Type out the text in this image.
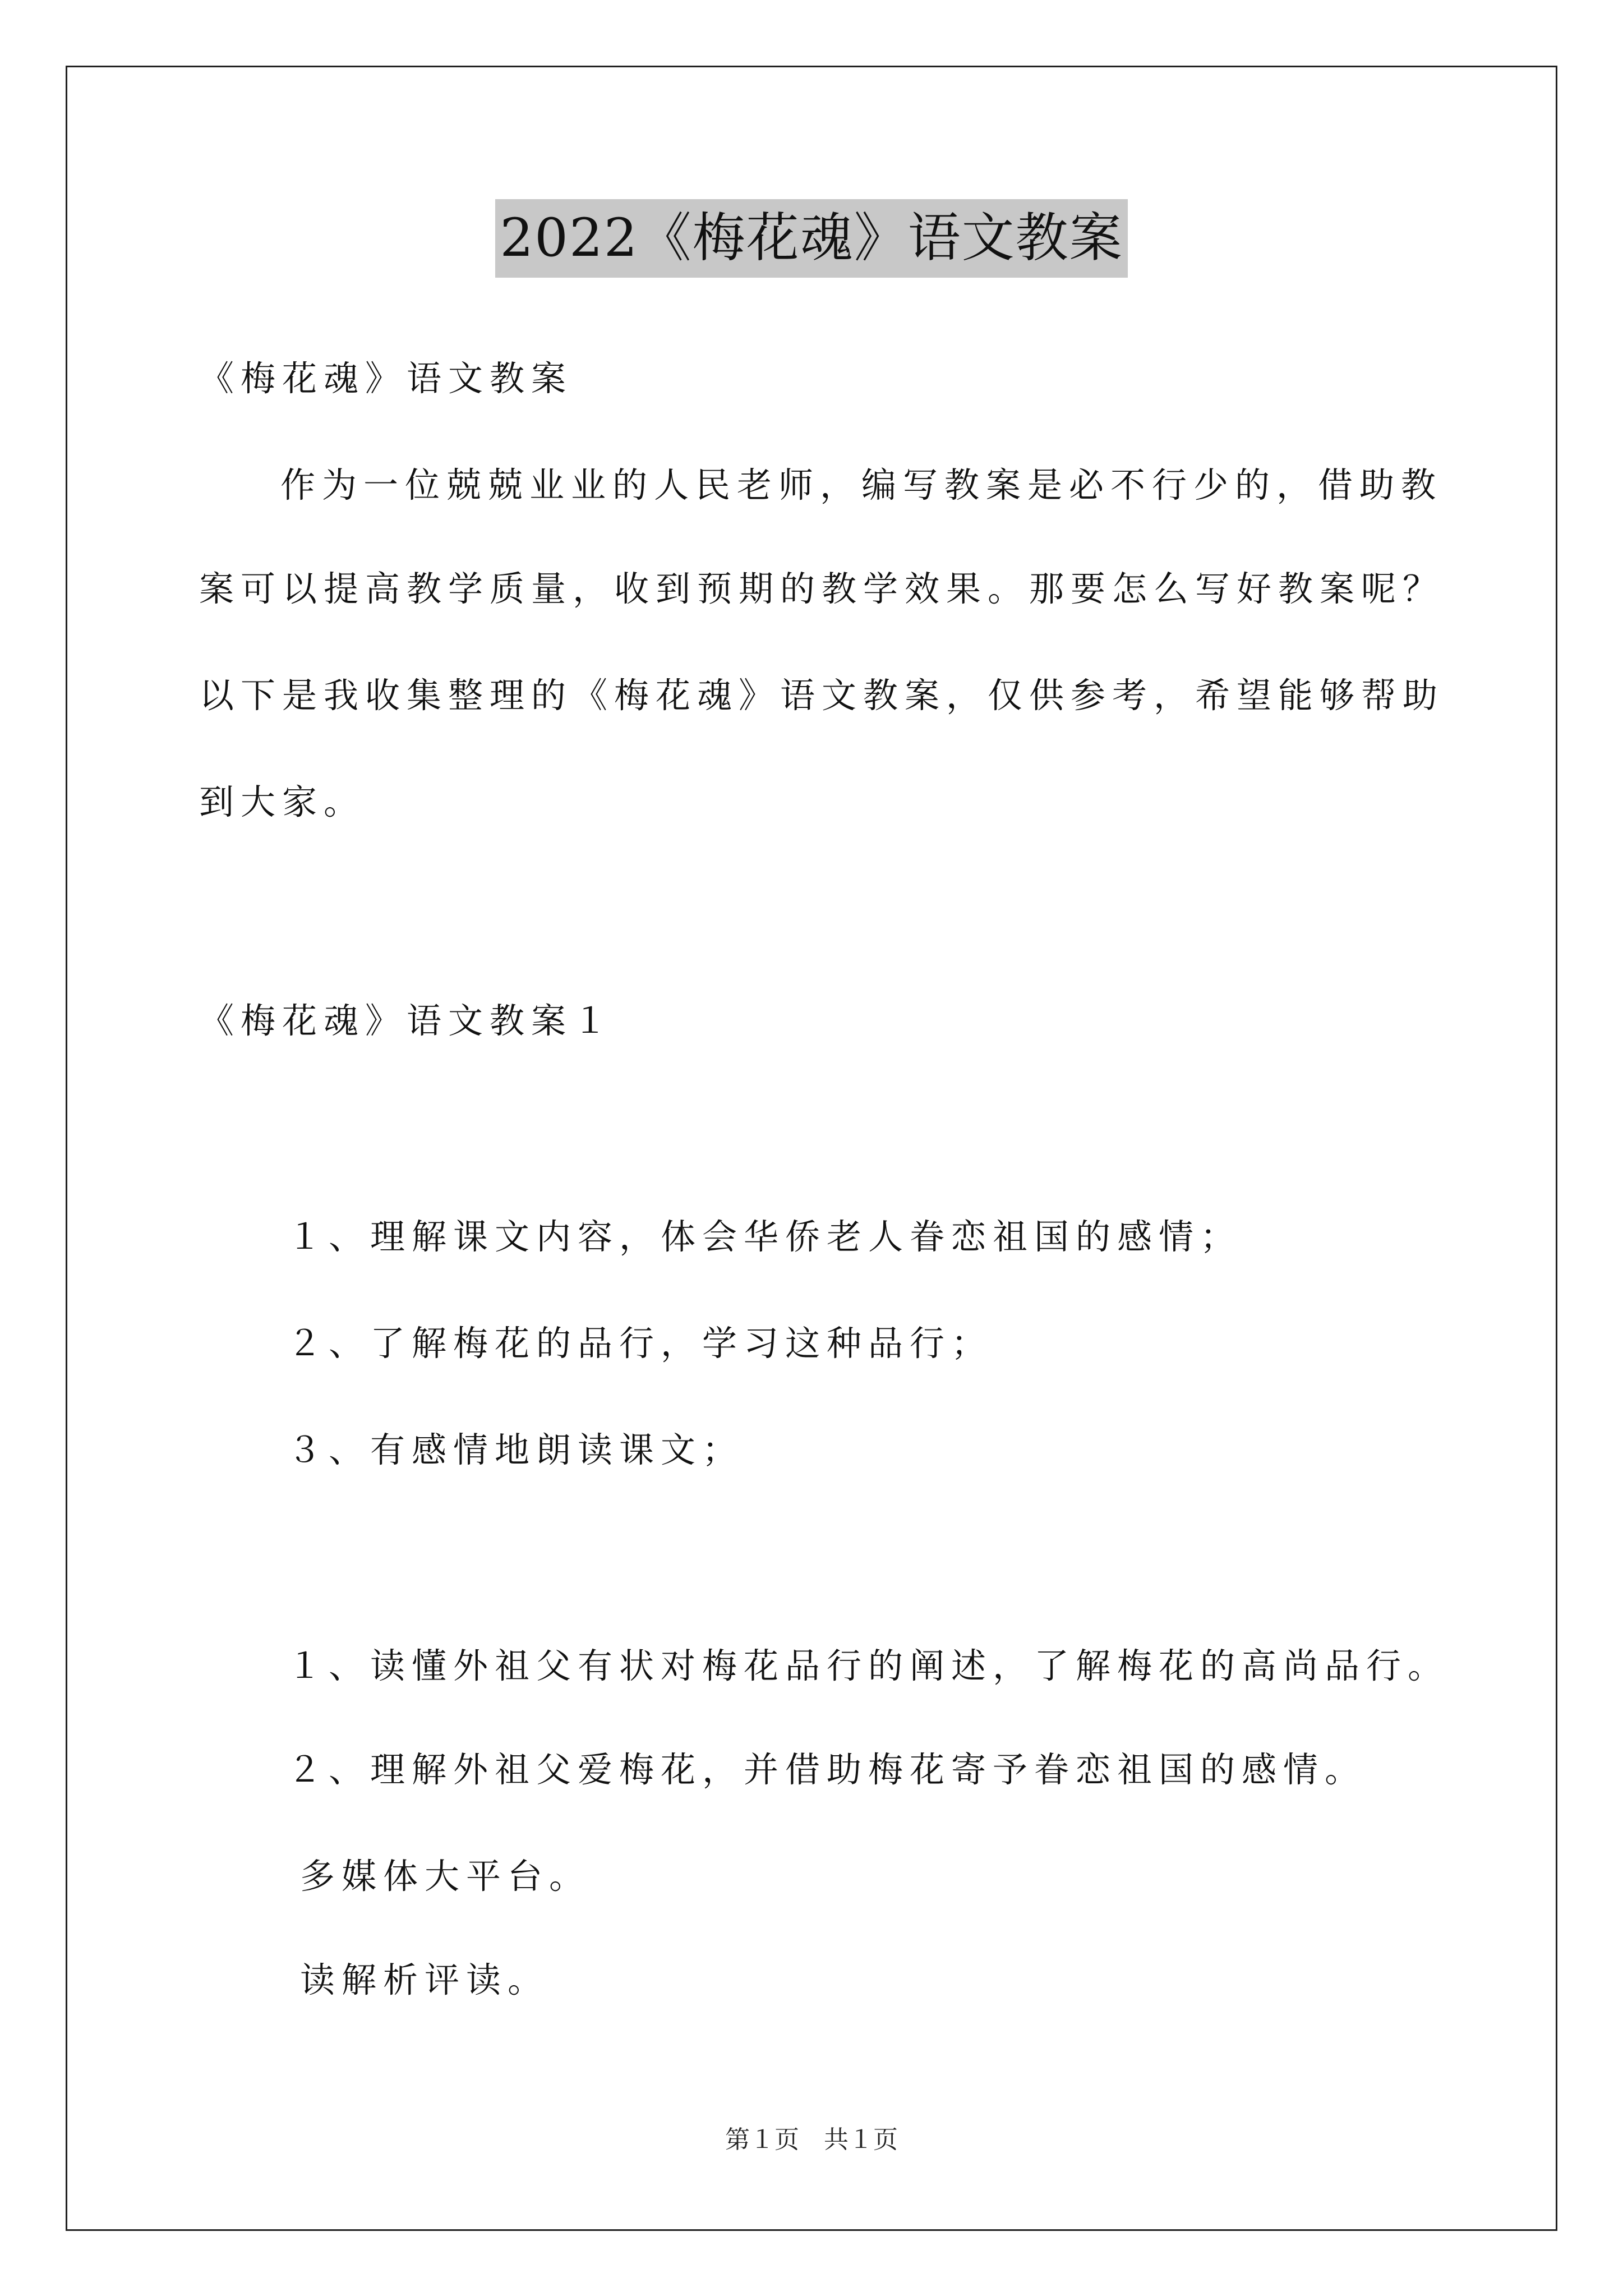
2022《梅花魂》语文教案
《梅花魂》语文教案
作为一位兢兢业业的人民老师，编写教案是必不行少的，借助教
案可以提高教学质量，收到预期的教学效果。那要怎么写好教案呢？
以下是我收集整理的《梅花魂》语文教案，仅供参考，希望能够帮助
到大家。
《梅花魂》语文教案１
１、理解课文内容，体会华侨老人眷恋祖国的感情；
２、了解梅花的品行，学习这种品行；
３、有感情地朗读课文；
１、读懂外祖父有状对梅花品行的阐述，了解梅花的高尚品行。
２、理解外祖父爱梅花，并借助梅花寄予眷恋祖国的感情。
多媒体大平台。
读解析评读。
第１页　共１页
